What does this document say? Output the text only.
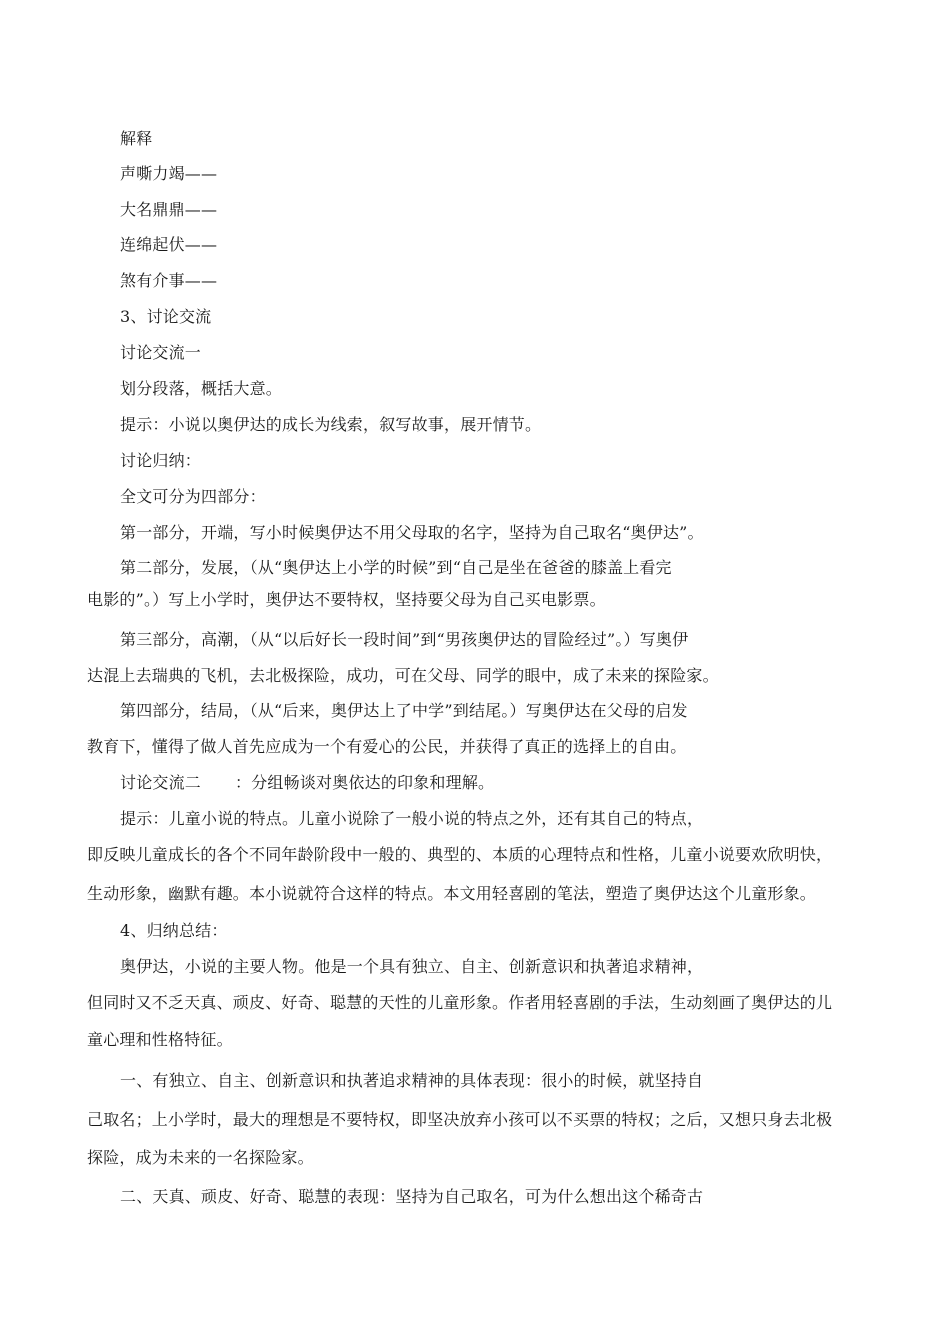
解释
声嘶力竭——
大名鼎鼎——
连绵起伏——
煞有介事——
3、讨论交流
讨论交流一
划分段落，概括大意。
提示：小说以奥伊达的成长为线索，叙写故事，展开情节。
讨论归纳：
全文可分为四部分：
第一部分，开端，写小时候奥伊达不用父母取的名字，坚持为自己取名“奥伊达”。
第二部分，发展，（从“奥伊达上小学的时候”到“自己是坐在爸爸的膝盖上看完
电影的”。）写上小学时，奥伊达不要特权，坚持要父母为自己买电影票。
第三部分，高潮，（从“以后好长一段时间”到“男孩奥伊达的冒险经过”。）写奥伊
达混上去瑞典的飞机，去北极探险，成功，可在父母、同学的眼中，成了未来的探险家。
第四部分，结局，（从“后来，奥伊达上了中学”到结尾。）写奥伊达在父母的启发
教育下，懂得了做人首先应成为一个有爱心的公民，并获得了真正的选择上的自由。
讨论交流二 ：分组畅谈对奥依达的印象和理解。
提示：儿童小说的特点。儿童小说除了一般小说的特点之外，还有其自己的特点，
即反映儿童成长的各个不同年龄阶段中一般的、典型的、本质的心理特点和性格，儿童小说要欢欣明快，
生动形象，幽默有趣。本小说就符合这样的特点。本文用轻喜剧的笔法，塑造了奥伊达这个儿童形象。
4、归纳总结：
奥伊达，小说的主要人物。他是一个具有独立、自主、创新意识和执著追求精神，
但同时又不乏天真、顽皮、好奇、聪慧的天性的儿童形象。作者用轻喜剧的手法，生动刻画了奥伊达的儿
童心理和性格特征。
一、有独立、自主、创新意识和执著追求精神的具体表现：很小的时候，就坚持自
己取名；上小学时，最大的理想是不要特权，即坚决放弃小孩可以不买票的特权；之后，又想只身去北极
探险，成为未来的一名探险家。
二、天真、顽皮、好奇、聪慧的表现：坚持为自己取名，可为什么想出这个稀奇古
